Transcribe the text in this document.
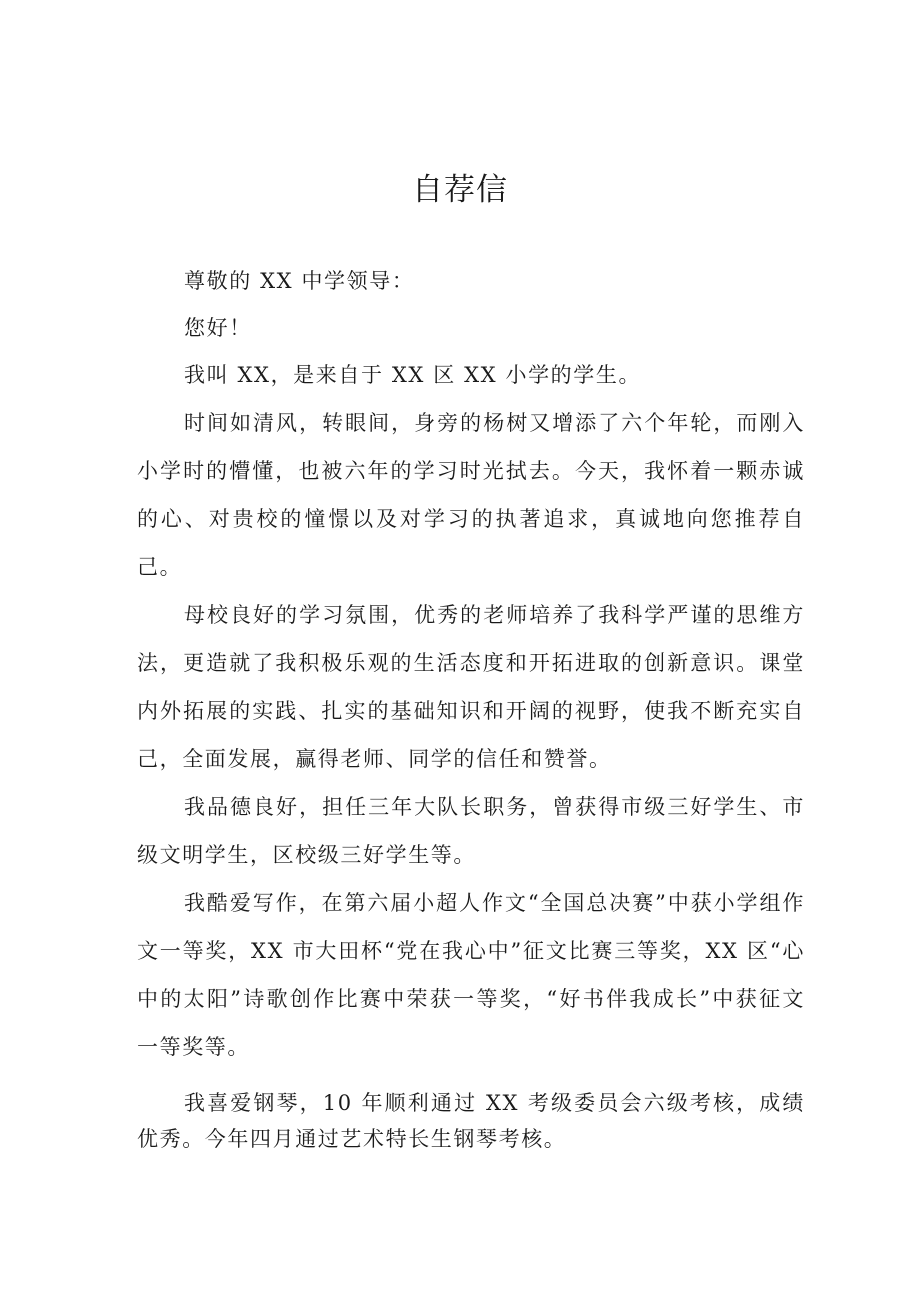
自荐信

尊敬的 XX 中学领导：

您好！

我叫 XX，是来自于 XX 区 XX 小学的学生。

时间如清风，转眼间，身旁的杨树又增添了六个年轮，而刚入小学时的懵懂，也被六年的学习时光拭去。今天，我怀着一颗赤诚的心、对贵校的憧憬以及对学习的执著追求，真诚地向您推荐自己。

母校良好的学习氛围，优秀的老师培养了我科学严谨的思维方法，更造就了我积极乐观的生活态度和开拓进取的创新意识。课堂内外拓展的实践、扎实的基础知识和开阔的视野，使我不断充实自己，全面发展，赢得老师、同学的信任和赞誉。

我品德良好，担任三年大队长职务，曾获得市级三好学生、市级文明学生，区校级三好学生等。

我酷爱写作，在第六届小超人作文“全国总决赛”中获小学组作文一等奖，XX 市大田杯“党在我心中”征文比赛三等奖，XX 区“心中的太阳”诗歌创作比赛中荣获一等奖，“好书伴我成长”中获征文一等奖等。

我喜爱钢琴，10 年顺利通过 XX 考级委员会六级考核，成绩优秀。今年四月通过艺术特长生钢琴考核。
